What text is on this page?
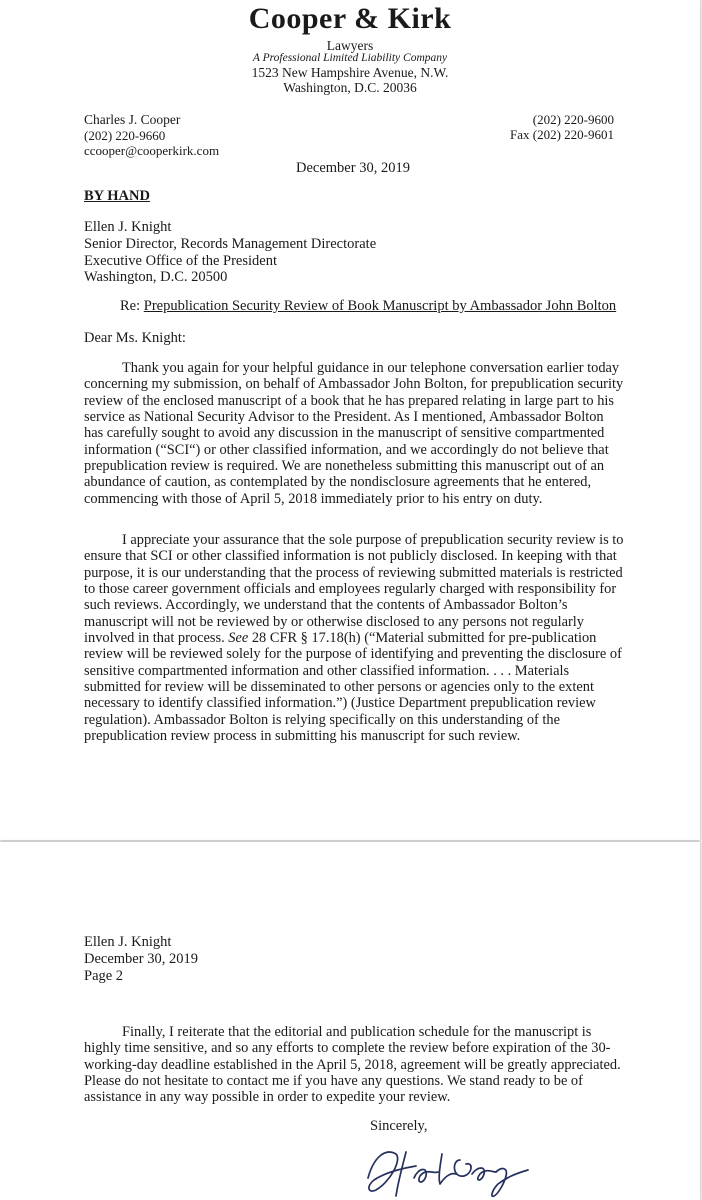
Cooper & Kirk

Lawyers

A Professional Limited Liability Company

1523 New Hampshire Avenue, N.W.

Washington, D.C. 20036

Charles J. Cooper

(202) 220-9660

ccooper@cooperkirk.com

(202) 220-9600

Fax (202) 220-9601

December 30, 2019

BY HAND

Ellen J. Knight

Senior Director, Records Management Directorate

Executive Office of the President

Washington, D.C. 20500

Re: Prepublication Security Review of Book Manuscript by Ambassador John Bolton

Dear Ms. Knight:

Thank you again for your helpful guidance in our telephone conversation earlier today concerning my submission, on behalf of Ambassador John Bolton, for prepublication security review of the enclosed manuscript of a book that he has prepared relating in large part to his service as National Security Advisor to the President. As I mentioned, Ambassador Bolton has carefully sought to avoid any discussion in the manuscript of sensitive compartmented information (“SCI“) or other classified information, and we accordingly do not believe that prepublication review is required. We are nonetheless submitting this manuscript out of an abundance of caution, as contemplated by the nondisclosure agreements that he entered, commencing with those of April 5, 2018 immediately prior to his entry on duty.

I appreciate your assurance that the sole purpose of prepublication security review is to ensure that SCI or other classified information is not publicly disclosed. In keeping with that purpose, it is our understanding that the process of reviewing submitted materials is restricted to those career government officials and employees regularly charged with responsibility for such reviews. Accordingly, we understand that the contents of Ambassador Bolton’s manuscript will not be reviewed by or otherwise disclosed to any persons not regularly involved in that process. See 28 CFR § 17.18(h) (“Material submitted for pre-publication review will be reviewed solely for the purpose of identifying and preventing the disclosure of sensitive compartmented information and other classified information. . . . Materials submitted for review will be disseminated to other persons or agencies only to the extent necessary to identify classified information.”) (Justice Department prepublication review regulation). Ambassador Bolton is relying specifically on this understanding of the prepublication review process in submitting his manuscript for such review.

Ellen J. Knight

December 30, 2019

Page 2

Finally, I reiterate that the editorial and publication schedule for the manuscript is highly time sensitive, and so any efforts to complete the review before expiration of the 30-working-day deadline established in the April 5, 2018, agreement will be greatly appreciated. Please do not hesitate to contact me if you have any questions. We stand ready to be of assistance in any way possible in order to expedite your review.

Sincerely,
